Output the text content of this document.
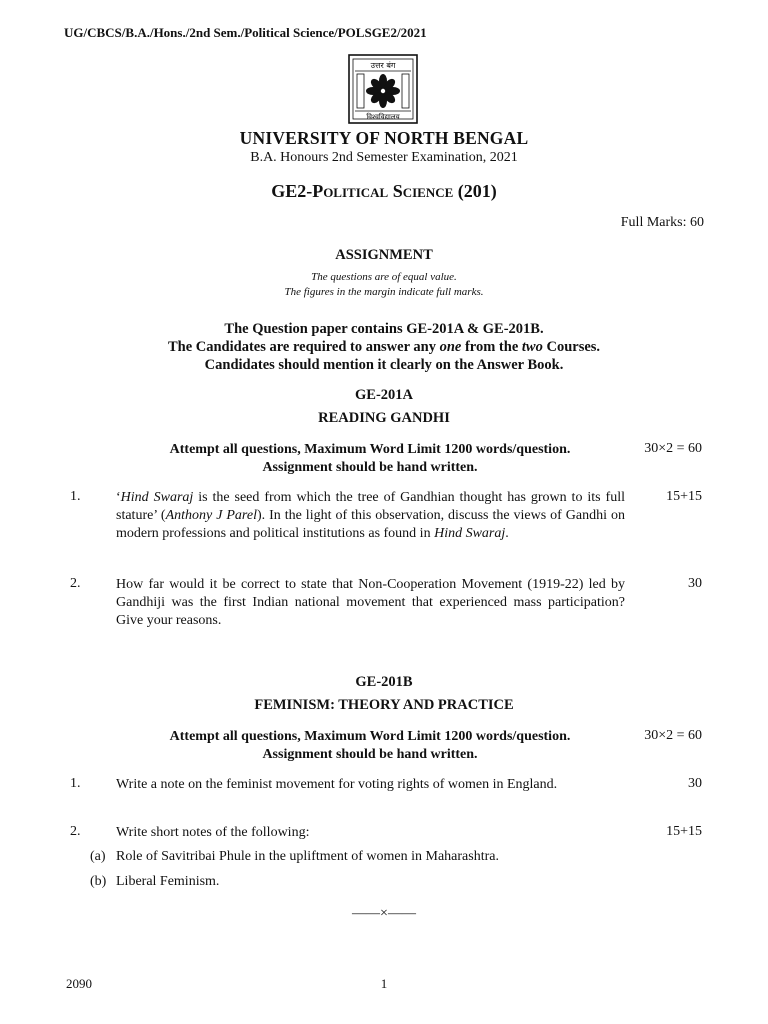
UG/CBCS/B.A./Hons./2nd Sem./Political Science/POLSGE2/2021
उत्तर बंग
विश्वविद्यालय
UNIVERSITY OF NORTH BENGAL
B.A. Honours 2nd Semester Examination, 2021
GE2-Political Science (201)
Full Marks: 60
ASSIGNMENT
The questions are of equal value.
The figures in the margin indicate full marks.
The Question paper contains GE-201A & GE-201B.
The Candidates are required to answer any one from the two Courses.
Candidates should mention it clearly on the Answer Book.
GE-201A
READING GANDHI
Attempt all questions, Maximum Word Limit 1200 words/question.
Assignment should be hand written.
30×2 = 60
1.	‘Hind Swaraj is the seed from which the tree of Gandhian thought has grown to its full stature’ (Anthony J Parel). In the light of this observation, discuss the views of Gandhi on modern professions and political institutions as found in Hind Swaraj.
15+15
2.	How far would it be correct to state that Non-Cooperation Movement (1919-22) led by Gandhiji was the first Indian national movement that experienced mass participation? Give your reasons.
30
GE-201B
FEMINISM: THEORY AND PRACTICE
Attempt all questions, Maximum Word Limit 1200 words/question.
Assignment should be hand written.
30×2 = 60
1.	Write a note on the feminist movement for voting rights of women in England.	30
2.	Write short notes of the following:	15+15
(a) Role of Savitribai Phule in the upliftment of women in Maharashtra.
(b) Liberal Feminism.
——×——
2090	1
